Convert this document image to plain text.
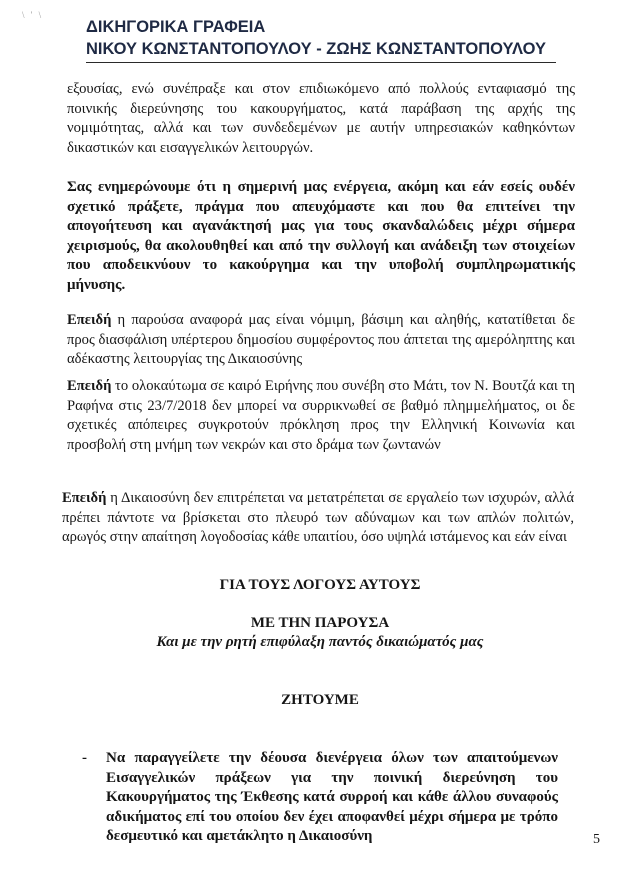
\ ' \
ΔΙΚΗΓΟΡΙΚΑ ΓΡΑΦΕΙΑ
ΝΙΚΟΥ ΚΩΝΣΤΑΝΤΟΠΟΥΛΟΥ - ΖΩΗΣ ΚΩΝΣΤΑΝΤΟΠΟΥΛΟΥ

εξουσίας, ενώ συνέπραξε και στον επιδιωκόμενο από πολλούς ενταφιασμό της ποινικής διερεύνησης του κακουργήματος, κατά παράβαση της αρχής της νομιμότητας, αλλά και των συνδεδεμένων με αυτήν υπηρεσιακών καθηκόντων δικαστικών και εισαγγελικών λειτουργών.

Σας ενημερώνουμε ότι η σημερινή μας ενέργεια, ακόμη και εάν εσείς ουδέν σχετικό πράξετε, πράγμα που απευχόμαστε και που θα επιτείνει την απογοήτευση και αγανάκτησή μας για τους σκανδαλώδεις μέχρι σήμερα χειρισμούς, θα ακολουθηθεί και από την συλλογή και ανάδειξη των στοιχείων που αποδεικνύουν το κακούργημα και την υποβολή συμπληρωματικής μήνυσης.

Επειδή η παρούσα αναφορά μας είναι νόμιμη, βάσιμη και αληθής, κατατίθεται δε προς διασφάλιση υπέρτερου δημοσίου συμφέροντος που άπτεται της αμερόληπτης και αδέκαστης λειτουργίας της Δικαιοσύνης

Επειδή το ολοκαύτωμα σε καιρό Ειρήνης που συνέβη στο Μάτι, τον Ν. Βουτζά και τη Ραφήνα στις 23/7/2018 δεν μπορεί να συρρικνωθεί σε βαθμό πλημμελήματος, οι δε σχετικές απόπειρες συγκροτούν πρόκληση προς την Ελληνική Κοινωνία και προσβολή στη μνήμη των νεκρών και στο δράμα των ζωντανών

Επειδή η Δικαιοσύνη δεν επιτρέπεται να μετατρέπεται σε εργαλείο των ισχυρών, αλλά πρέπει πάντοτε να βρίσκεται στο πλευρό των αδύναμων και των απλών πολιτών, αρωγός στην απαίτηση λογοδοσίας κάθε υπαιτίου, όσο υψηλά ιστάμενος και εάν είναι

ΓΙΑ ΤΟΥΣ ΛΟΓΟΥΣ ΑΥΤΟΥΣ

ΜΕ ΤΗΝ ΠΑΡΟΥΣΑ

Και με την ρητή επιφύλαξη παντός δικαιώματός μας

ΖΗΤΟΥΜΕ

- Να παραγγείλετε την δέουσα διενέργεια όλων των απαιτούμενων Εισαγγελικών πράξεων για την ποινική διερεύνηση του Κακουργήματος της Έκθεσης κατά συρροή και κάθε άλλου συναφούς αδικήματος επί του οποίου δεν έχει αποφανθεί μέχρι σήμερα με τρόπο δεσμευτικό και αμετάκλητο η Δικαιοσύνη	5
